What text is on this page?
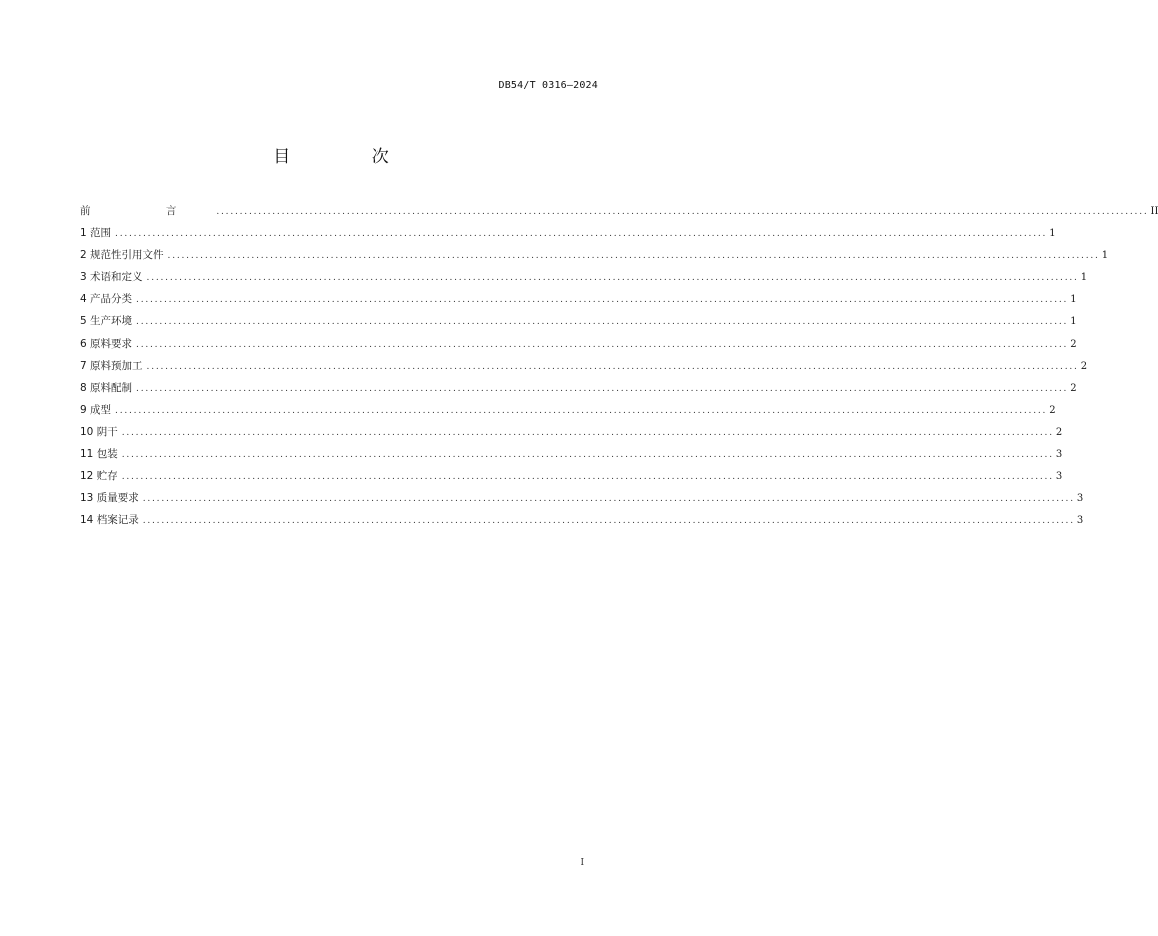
DB54/T 0316—2024
目 次
前 言 ........................................................................................................................................................................................................ II
1 范围 ........................................................................................................................................................................................................ 1
2 规范性引用文件 ........................................................................................................................................................................................................ 1
3 术语和定义 ........................................................................................................................................................................................................ 1
4 产品分类 ........................................................................................................................................................................................................ 1
5 生产环境 ........................................................................................................................................................................................................ 1
6 原料要求 ........................................................................................................................................................................................................ 2
7 原料预加工 ........................................................................................................................................................................................................ 2
8 原料配制 ........................................................................................................................................................................................................ 2
9 成型 ........................................................................................................................................................................................................ 2
10 阴干 ........................................................................................................................................................................................................ 2
11 包装 ........................................................................................................................................................................................................ 3
12 贮存 ........................................................................................................................................................................................................ 3
13 质量要求 ........................................................................................................................................................................................................ 3
14 档案记录 ........................................................................................................................................................................................................ 3
I
